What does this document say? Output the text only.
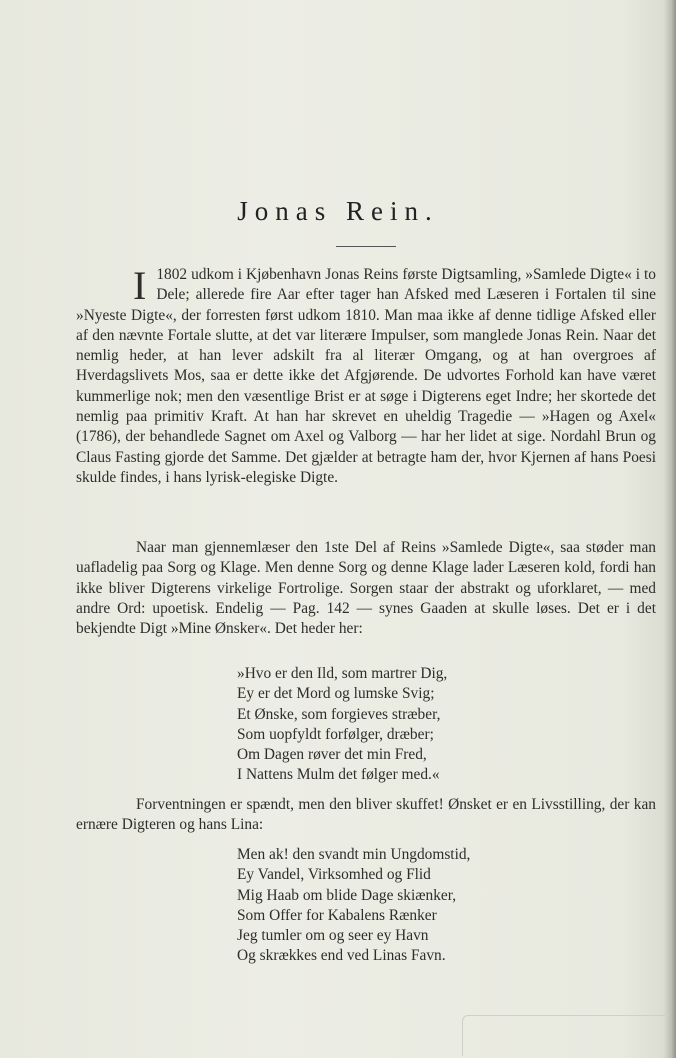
Jonas Rein.
I 1802 udkom i Kjøbenhavn Jonas Reins første Digtsamling, »Samlede Digte« i to Dele; allerede fire Aar efter tager han Afsked med Læseren i Fortalen til sine »Nyeste Digte«, der forresten først udkom 1810. Man maa ikke af denne tidlige Afsked eller af den nævnte Fortale slutte, at det var literære Impulser, som manglede Jonas Rein. Naar det nemlig heder, at han lever adskilt fra al literær Omgang, og at han overgroes af Hverdagslivets Mos, saa er dette ikke det Afgjørende. De udvortes Forhold kan have været kummerlige nok; men den væsentlige Brist er at søge i Digterens eget Indre; her skortede det nemlig paa primitiv Kraft. At han har skrevet en uheldig Tragedie — »Hagen og Axel« (1786), der behandlede Sagnet om Axel og Valborg — har her lidet at sige. Nordahl Brun og Claus Fasting gjorde det Samme. Det gjælder at betragte ham der, hvor Kjernen af hans Poesi skulde findes, i hans lyrisk-elegiske Digte.

Naar man gjennemlæser den 1ste Del af Reins »Samlede Digte«, saa støder man uafladelig paa Sorg og Klage. Men denne Sorg og denne Klage lader Læseren kold, fordi han ikke bliver Digterens virkelige Fortrolige. Sorgen staar der abstrakt og uforklaret, — med andre Ord: upoetisk. Endelig — Pag. 142 — synes Gaaden at skulle løses. Det er i det bekjendte Digt »Mine Ønsker«. Det heder her:

»Hvo er den Ild, som martrer Dig,
Ey er det Mord og lumske Svig;
Et Ønske, som forgieves stræber,
Som uopfyldt forfølger, dræber;
Om Dagen røver det min Fred,
I Nattens Mulm det følger med.«

Forventningen er spændt, men den bliver skuffet! Ønsket er en Livsstilling, der kan ernære Digteren og hans Lina:

Men ak! den svandt min Ungdomstid,
Ey Vandel, Virksomhed og Flid
Mig Haab om blide Dage skiænker,
Som Offer for Kabalens Rænker
Jeg tumler om og seer ey Havn
Og skrækkes end ved Linas Favn.
